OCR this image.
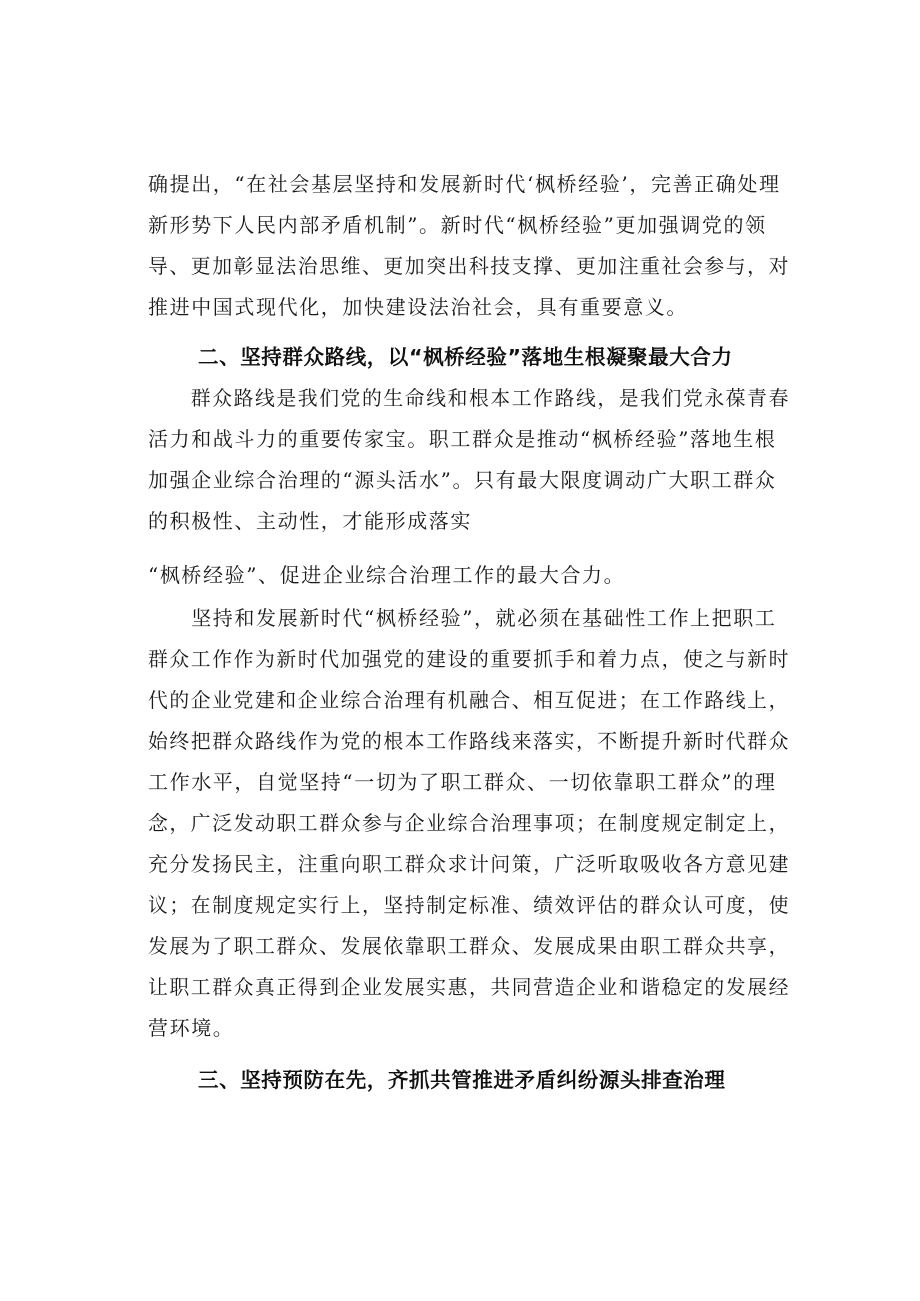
确提出，“在社会基层坚持和发展新时代‘枫桥经验’，完善正确处理
新形势下人民内部矛盾机制”。新时代“枫桥经验”更加强调党的领
导、更加彰显法治思维、更加突出科技支撑、更加注重社会参与，对
推进中国式现代化，加快建设法治社会，具有重要意义。
二、坚持群众路线，以“枫桥经验”落地生根凝聚最大合力
　　群众路线是我们党的生命线和根本工作路线，是我们党永葆青春
活力和战斗力的重要传家宝。职工群众是推动“枫桥经验”落地生根
加强企业综合治理的“源头活水”。只有最大限度调动广大职工群众
的积极性、主动性，才能形成落实
“枫桥经验”、促进企业综合治理工作的最大合力。
　　坚持和发展新时代“枫桥经验”，就必须在基础性工作上把职工
群众工作作为新时代加强党的建设的重要抓手和着力点，使之与新时
代的企业党建和企业综合治理有机融合、相互促进；在工作路线上，
始终把群众路线作为党的根本工作路线来落实，不断提升新时代群众
工作水平，自觉坚持“一切为了职工群众、一切依靠职工群众”的理
念，广泛发动职工群众参与企业综合治理事项；在制度规定制定上，
充分发扬民主，注重向职工群众求计问策，广泛听取吸收各方意见建
议；在制度规定实行上，坚持制定标准、绩效评估的群众认可度，使
发展为了职工群众、发展依靠职工群众、发展成果由职工群众共享，
让职工群众真正得到企业发展实惠，共同营造企业和谐稳定的发展经
营环境。
三、坚持预防在先，齐抓共管推进矛盾纠纷源头排查治理
